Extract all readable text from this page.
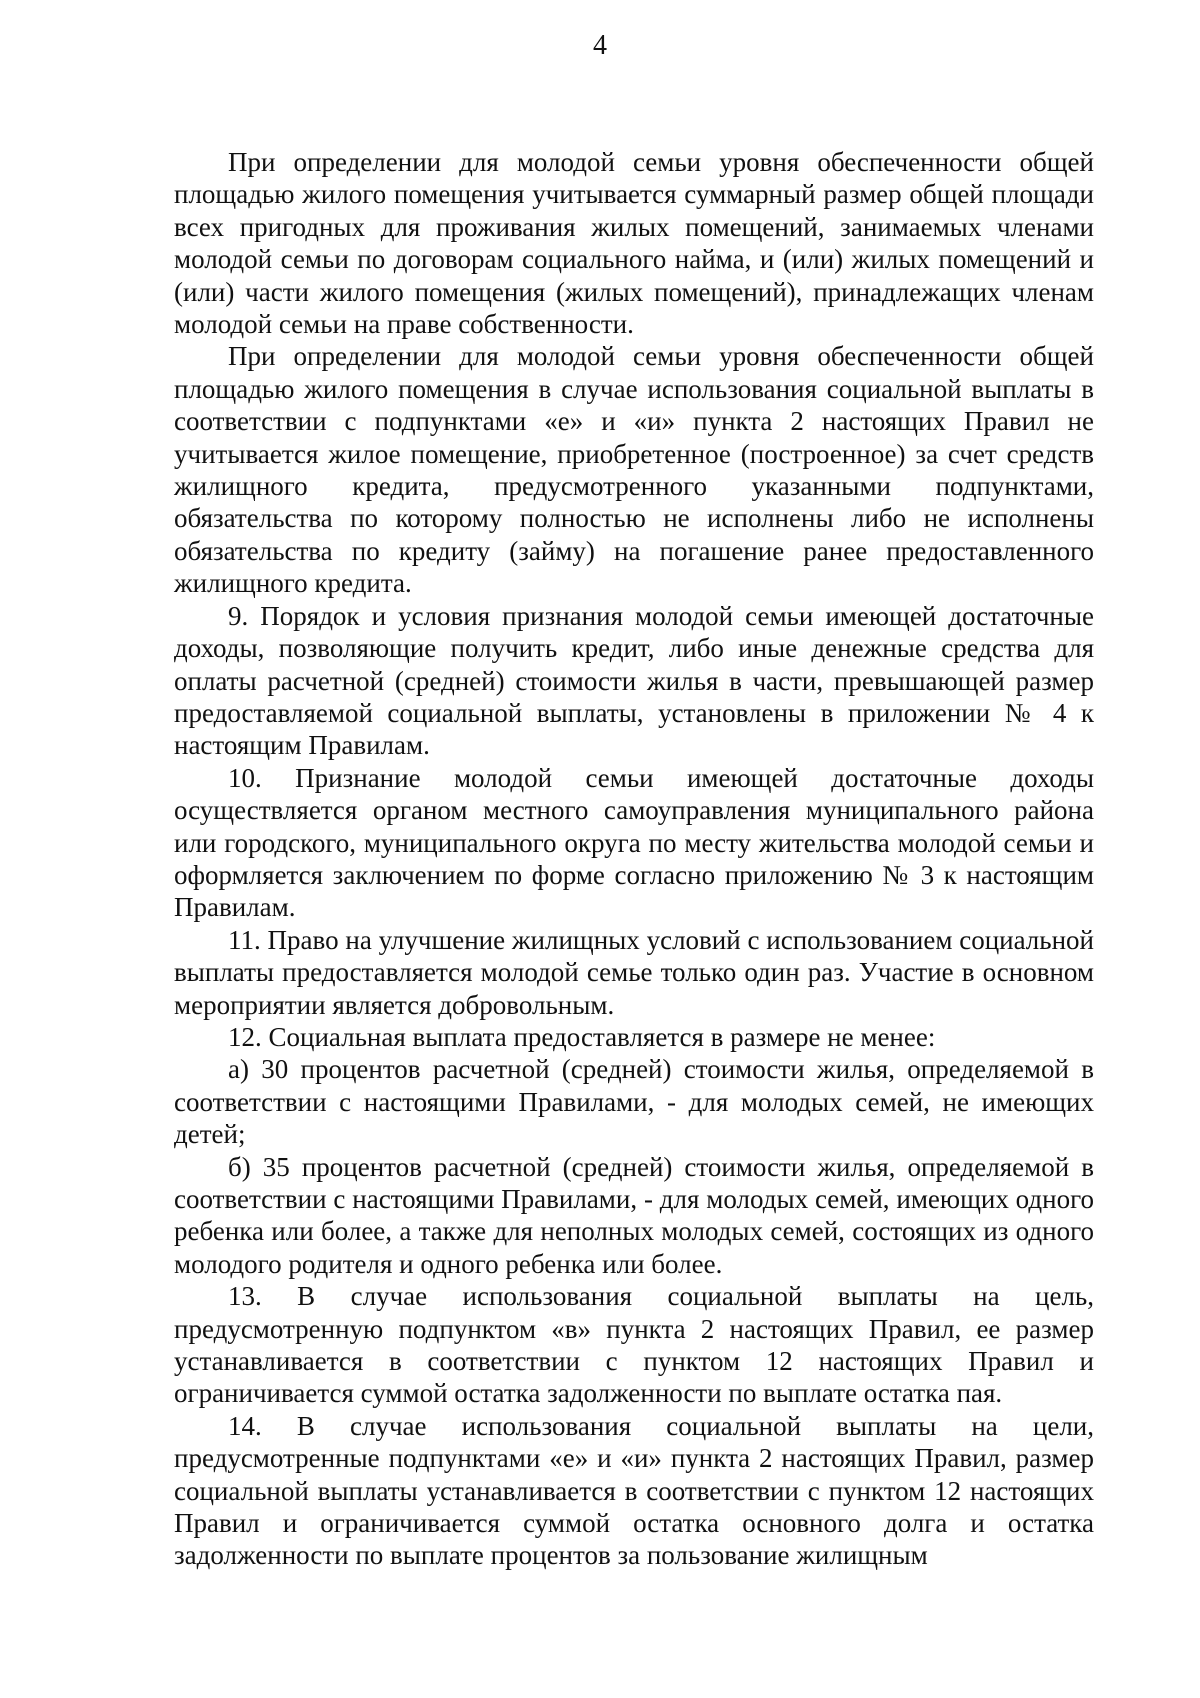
4

При определении для молодой семьи уровня обеспеченности общей площадью жилого помещения учитывается суммарный размер общей площади всех пригодных для проживания жилых помещений, занимаемых членами молодой семьи по договорам социального найма, и (или) жилых помещений и (или) части жилого помещения (жилых помещений), принадлежащих членам молодой семьи на праве собственности.

При определении для молодой семьи уровня обеспеченности общей площадью жилого помещения в случае использования социальной выплаты в соответствии с подпунктами «е» и «и» пункта 2 настоящих Правил не учитывается жилое помещение, приобретенное (построенное) за счет средств жилищного кредита, предусмотренного указанными подпунктами, обязательства по которому полностью не исполнены либо не исполнены обязательства по кредиту (займу) на погашение ранее предоставленного жилищного кредита.

9. Порядок и условия признания молодой семьи имеющей достаточные доходы, позволяющие получить кредит, либо иные денежные средства для оплаты расчетной (средней) стоимости жилья в части, превышающей размер предоставляемой социальной выплаты, установлены в приложении № 4 к настоящим Правилам.

10. Признание молодой семьи имеющей достаточные доходы осуществляется органом местного самоуправления муниципального района или городского, муниципального округа по месту жительства молодой семьи и оформляется заключением по форме согласно приложению № 3 к настоящим Правилам.

11. Право на улучшение жилищных условий с использованием социальной выплаты предоставляется молодой семье только один раз. Участие в основном мероприятии является добровольным.

12. Социальная выплата предоставляется в размере не менее:

а) 30 процентов расчетной (средней) стоимости жилья, определяемой в соответствии с настоящими Правилами, - для молодых семей, не имеющих детей;

б) 35 процентов расчетной (средней) стоимости жилья, определяемой в соответствии с настоящими Правилами, - для молодых семей, имеющих одного ребенка или более, а также для неполных молодых семей, состоящих из одного молодого родителя и одного ребенка или более.

13. В случае использования социальной выплаты на цель, предусмотренную подпунктом «в» пункта 2 настоящих Правил, ее размер устанавливается в соответствии с пунктом 12 настоящих Правил и ограничивается суммой остатка задолженности по выплате остатка пая.

14. В случае использования социальной выплаты на цели, предусмотренные подпунктами «е» и «и» пункта 2 настоящих Правил, размер социальной выплаты устанавливается в соответствии с пунктом 12 настоящих Правил и ограничивается суммой остатка основного долга и остатка задолженности по выплате процентов за пользование жилищным
